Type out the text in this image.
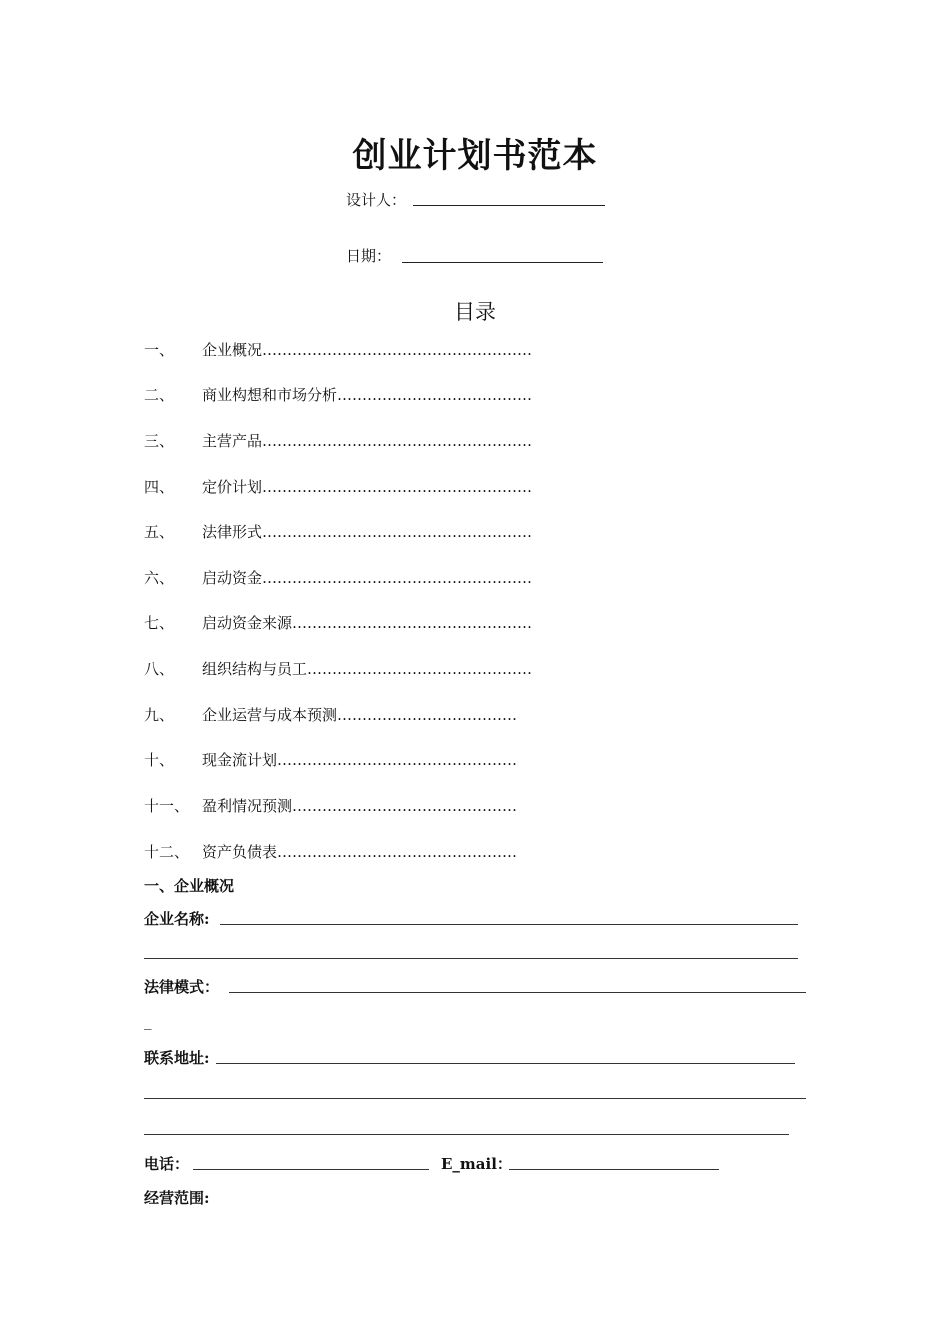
创业计划书范本
设计人：
日期：
目录
一、 企业概况………………………………………………
二、 商业构想和市场分析…………………………………
三、 主营产品………………………………………………
四、 定价计划………………………………………………
五、 法律形式………………………………………………
六、 启动资金………………………………………………
七、 启动资金来源…………………………………………
八、 组织结构与员工………………………………………
九、 企业运营与成本预测………………………………
十、 现金流计划…………………………………………
十一、 盈利情况预测………………………………………
十二、 资产负债表…………………………………………
一、企业概况
企业名称:
法律模式：
_
联系地址:
电话：	E_mail：
经营范围:
